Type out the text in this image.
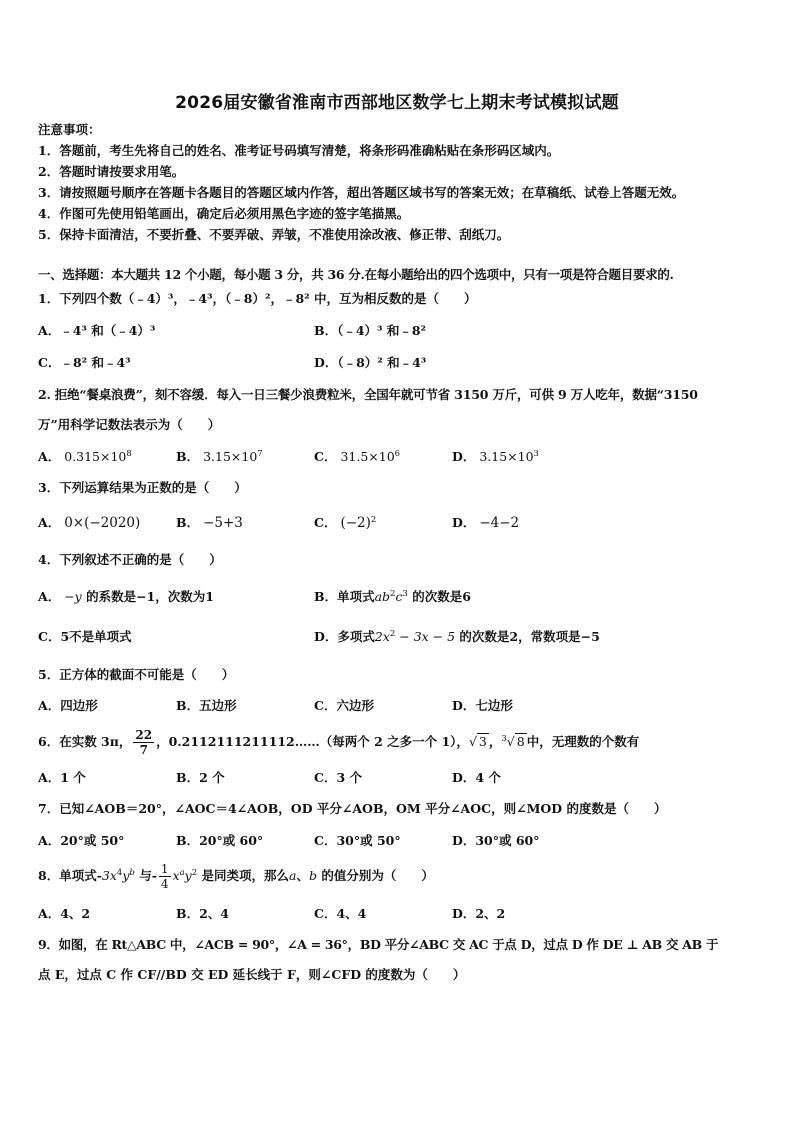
2026届安徽省淮南市西部地区数学七上期末考试模拟试题
注意事项：
1．答题前，考生先将自己的姓名、准考证号码填写清楚，将条形码准确粘贴在条形码区域内。
2．答题时请按要求用笔。
3．请按照题号顺序在答题卡各题目的答题区域内作答，超出答题区域书写的答案无效；在草稿纸、试卷上答题无效。
4．作图可先使用铅笔画出，确定后必须用黑色字迹的签字笔描黑。
5．保持卡面清洁，不要折叠、不要弄破、弄皱，不准使用涂改液、修正带、刮纸刀。
一、选择题：本大题共 12 个小题，每小题 3 分，共 36 分.在每小题给出的四个选项中，只有一项是符合题目要求的.
1．下列四个数（﹣4）³，﹣4³，（﹣8）²，﹣8² 中，互为相反数的是（　　）
A．﹣4³ 和（﹣4）³	B．（﹣4）³ 和﹣8²
C．﹣8² 和﹣4³	D．（﹣8）² 和﹣4³
2. 拒绝“餐桌浪费”，刻不容缓．每入一日三餐少浪费粒米，全国年就可节省 3150 万斤，可供 9 万人吃年，数据“3150
万”用科学记数法表示为（　　）
A． $0.315\times 10^8$	B． $3.15\times 10^7$	C． $31.5\times 10^6$	D． $3.15\times 10^3$
3．下列运算结果为正数的是（　　）
A． 0×(−2020)	B． −5+3	C． $(-2)^2$	D． −4−2
4．下列叙述不正确的是（　　）
A． −y 的系数是−1，次数为1	B．单项式$ab^2c^3$ 的次数是6
C．5不是单项式	D．多项式$2x^2 - 3x - 5$ 的次数是2，常数项是−5
5．正方体的截面不可能是（　　）
A．四边形	B．五边形	C．六边形	D．七边形
6．在实数 3π， $\frac{22}{7}$ ，0.2112111211112……（每两个 2 之多一个 1），√ 3 ，$^3$√ 8 中，无理数的个数有
A．1 个	B．2 个	C．3 个	D．4 个
7．已知∠AOB＝20°，∠AOC＝4∠AOB，OD 平分∠AOB，OM 平分∠AOC，则∠MOD 的度数是（　　）
A．20°或 50°	B．20°或 60°	C．30°或 50°	D．30°或 60°
8．单项式$-3x^4y^b$ 与- $\frac{1}{4} x^ay^2$ 是同类项，那么a、b 的值分别为（　　）
A．4、2	B．2、4	C．4、4	D．2、2
9．如图，在 Rt△ABC 中，∠ACB = 90°，∠A = 36°，BD 平分∠ABC 交 AC 于点 D，过点 D 作 DE ⊥ AB 交 AB 于
点 E，过点 C 作 CF//BD 交 ED 延长线于 F，则∠CFD 的度数为（　　）
